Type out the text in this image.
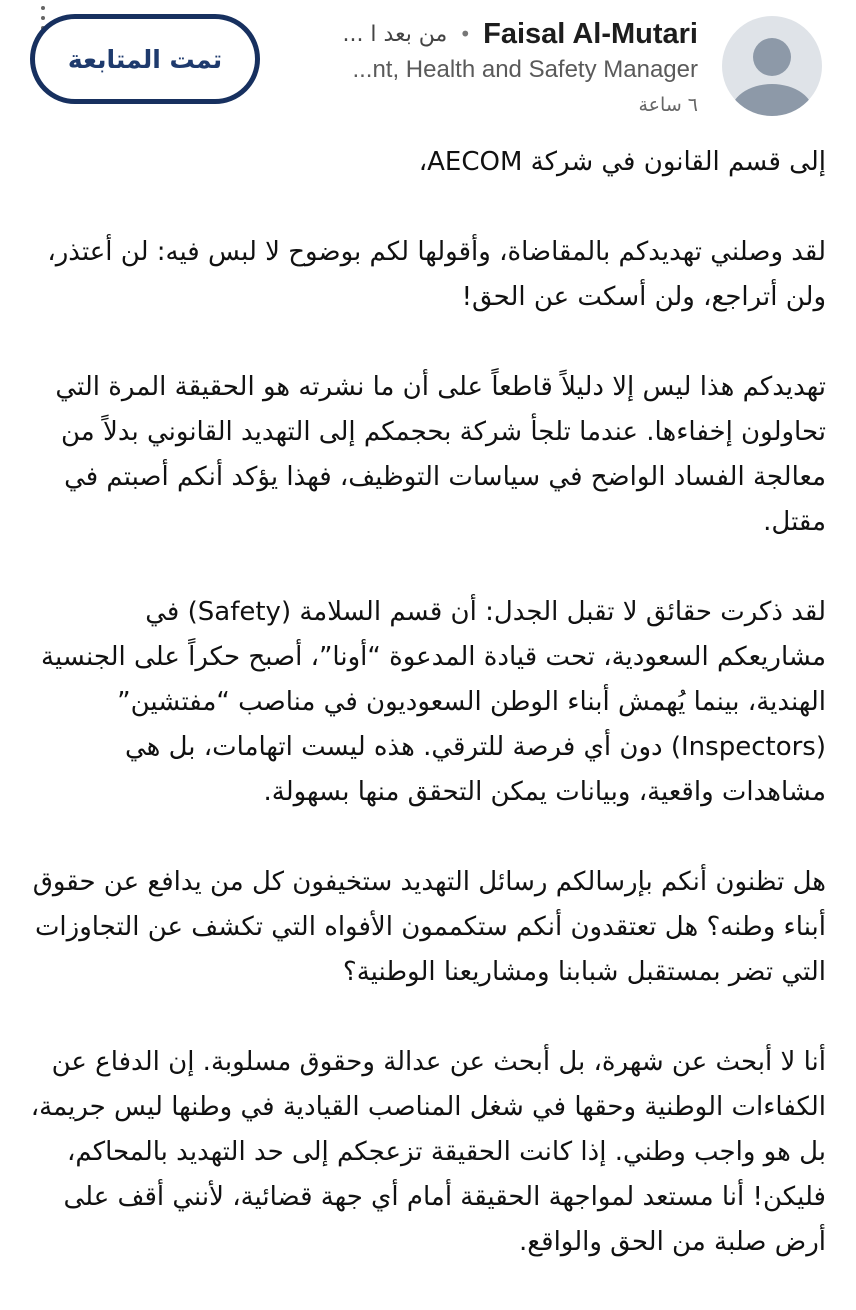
تمت المتابعة
Faisal Al-Mutari
•
من بعد ا ...
...nt, Health and Safety Manager
٦ ساعة

إلى قسم القانون في شركة AECOM،

لقد وصلني تهديدكم بالمقاضاة، وأقولها لكم بوضوح لا لبس فيه: لن أعتذر، ولن أتراجع، ولن أسكت عن الحق!

تهديدكم هذا ليس إلا دليلاً قاطعاً على أن ما نشرته هو الحقيقة المرة التي تحاولون إخفاءها. عندما تلجأ شركة بحجمكم إلى التهديد القانوني بدلاً من معالجة الفساد الواضح في سياسات التوظيف، فهذا يؤكد أنكم أصبتم في مقتل.

لقد ذكرت حقائق لا تقبل الجدل: أن قسم السلامة (Safety) في مشاريعكم السعودية، تحت قيادة المدعوة “أونا”، أصبح حكراً على الجنسية الهندية، بينما يُهمش أبناء الوطن السعوديون في مناصب “مفتشين” (Inspectors) دون أي فرصة للترقي. هذه ليست اتهامات، بل هي مشاهدات واقعية، وبيانات يمكن التحقق منها بسهولة.

هل تظنون أنكم بإرسالكم رسائل التهديد ستخيفون كل من يدافع عن حقوق أبناء وطنه؟ هل تعتقدون أنكم ستكممون الأفواه التي تكشف عن التجاوزات التي تضر بمستقبل شبابنا ومشاريعنا الوطنية؟

أنا لا أبحث عن شهرة، بل أبحث عن عدالة وحقوق مسلوبة. إن الدفاع عن الكفاءات الوطنية وحقها في شغل المناصب القيادية في وطنها ليس جريمة، بل هو واجب وطني. إذا كانت الحقيقة تزعجكم إلى حد التهديد بالمحاكم، فليكن! أنا مستعد لمواجهة الحقيقة أمام أي جهة قضائية، لأنني أقف على أرض صلبة من الحق والواقع.
